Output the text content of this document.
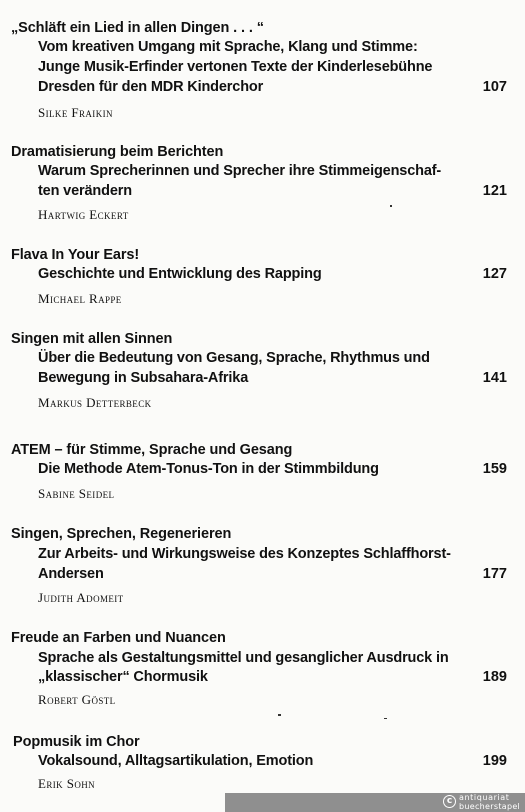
„Schläft ein Lied in allen Dingen . . . “
Vom kreativen Umgang mit Sprache, Klang und Stimme:
Junge Musik-Erfinder vertonen Texte der Kinderlesebühne
Dresden für den MDR Kinderchor	107
Silke Fraikin
Dramatisierung beim Berichten
Warum Sprecherinnen und Sprecher ihre Stimmeigenschaf-
ten verändern	121
Hartwig Eckert
Flava In Your Ears!
Geschichte und Entwicklung des Rapping	127
Michael Rappe
Singen mit allen Sinnen
Über die Bedeutung von Gesang, Sprache, Rhythmus und
Bewegung in Subsahara-Afrika	141
Markus Detterbeck
ATEM – für Stimme, Sprache und Gesang
Die Methode Atem-Tonus-Ton in der Stimmbildung	159
Sabine Seidel
Singen, Sprechen, Regenerieren
Zur Arbeits- und Wirkungsweise des Konzeptes Schlaffhorst-
Andersen	177
Judith Adomeit
Freude an Farben und Nuancen
Sprache als Gestaltungsmittel und gesanglicher Ausdruck in
„klassischer“ Chormusik	189
Robert Göstl
Popmusik im Chor
Vokalsound, Alltagsartikulation, Emotion	199
Erik Sohn
c antiquariat
buecherstapel
